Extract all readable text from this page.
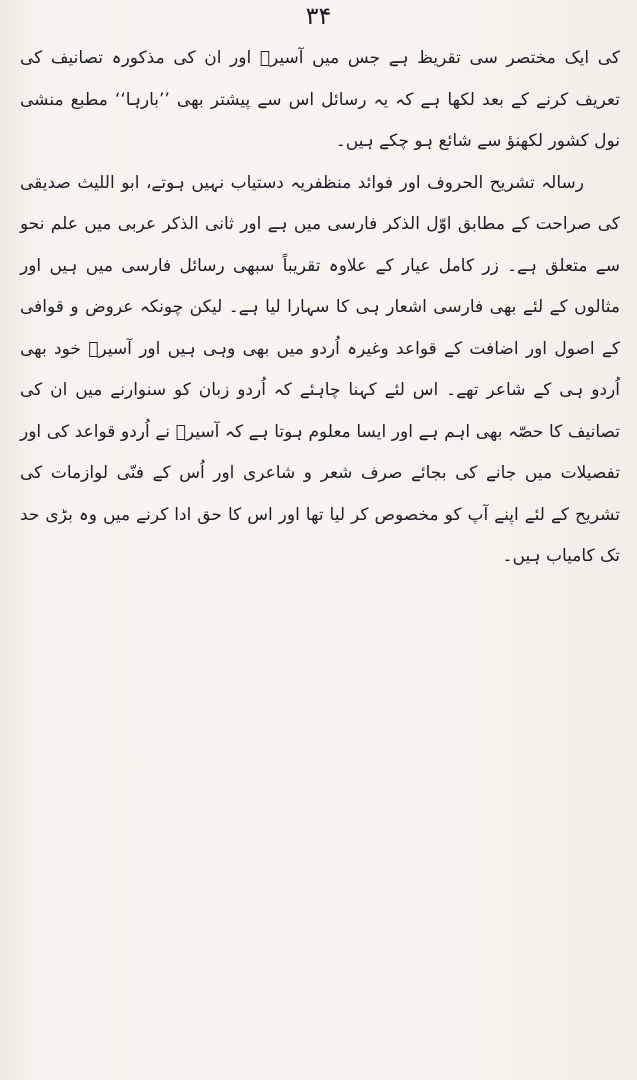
۳۴

کی ایک مختصر سی تقریظ ہے جس میں آسیرؔ اور ان کی مذکورہ تصانیف کی تعریف کرنے کے بعد لکھا ہے کہ یہ رسائل اس سے پیشتر بھی ’’بارہا‘‘ مطبع منشی نول کشور لکھنؤ سے شائع ہو چکے ہیں۔

رسالہ تشریح الحروف اور فوائد منظفریہ دستیاب نہیں ہوتے، ابو اللیث صدیقی کی صراحت کے مطابق اوّل الذکر فارسی میں ہے اور ثانی الذکر عربی میں علم نحو سے متعلق ہے۔ زر کامل عیار کے علاوہ تقریباً سبھی رسائل فارسی میں ہیں اور مثالوں کے لئے بھی فارسی اشعار ہی کا سہارا لیا ہے۔ لیکن چونکہ عروض و قوافی کے اصول اور اضافت کے قواعد وغیرہ اُردو میں بھی وہی ہیں اور آسیرؔ خود بھی اُردو ہی کے شاعر تھے۔ اس لئے کہنا چاہئے کہ اُردو زبان کو سنوارنے میں ان کی تصانیف کا حصّہ بھی اہم ہے اور ایسا معلوم ہوتا ہے کہ آسیرؔ نے اُردو قواعد کی اور تفصیلات میں جانے کی بجائے صرف شعر و شاعری اور اُس کے فنّی لوازمات کی تشریح کے لئے اپنے آپ کو مخصوص کر لیا تھا اور اس کا حق ادا کرنے میں وہ بڑی حد تک کامیاب ہیں۔
